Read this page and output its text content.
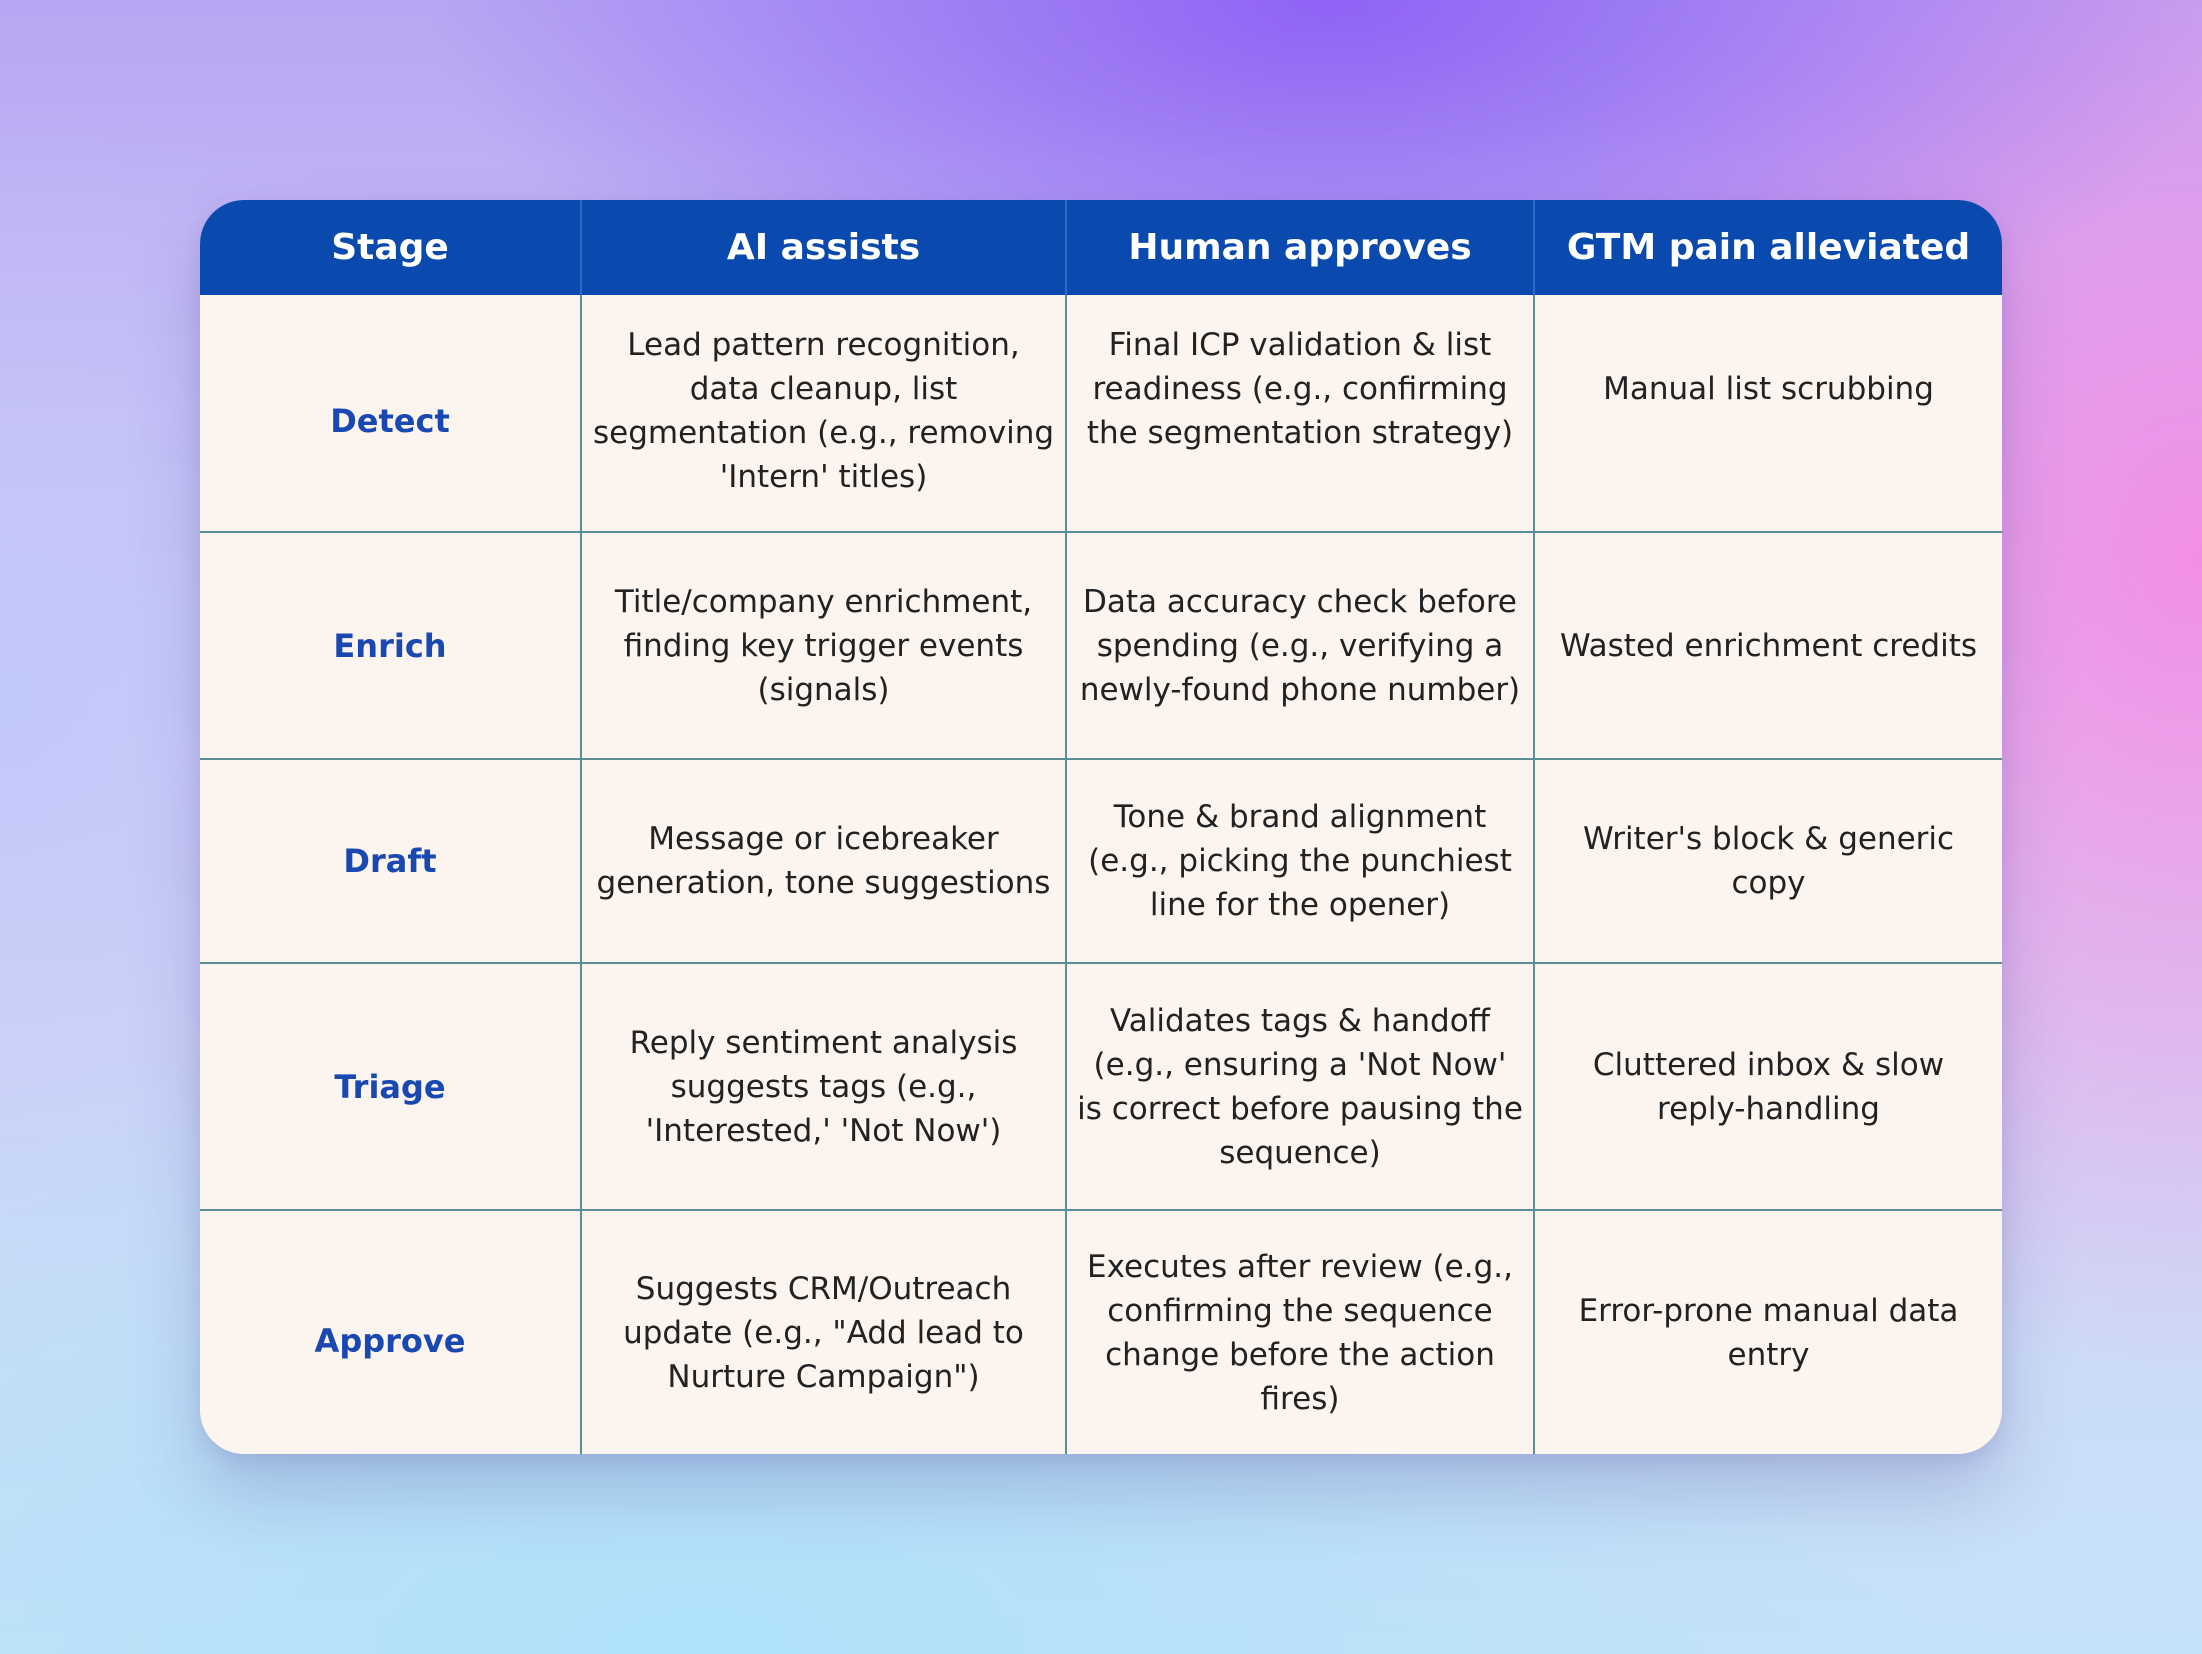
Stage	AI assists	Human approves	GTM pain alleviated
Detect	Lead pattern recognition, data cleanup, list segmentation (e.g., removing 'Intern' titles)	Final ICP validation & list readiness (e.g., confirming the segmentation strategy)	Manual list scrubbing
Enrich	Title/company enrichment, finding key trigger events (signals)	Data accuracy check before spending (e.g., verifying a newly-found phone number)	Wasted enrichment credits
Draft	Message or icebreaker generation, tone suggestions	Tone & brand alignment (e.g., picking the punchiest line for the opener)	Writer's block & generic copy
Triage	Reply sentiment analysis suggests tags (e.g., 'Interested,' 'Not Now')	Validates tags & handoff (e.g., ensuring a 'Not Now' is correct before pausing the sequence)	Cluttered inbox & slow reply-handling
Approve	Suggests CRM/Outreach update (e.g., "Add lead to Nurture Campaign")	Executes after review (e.g., confirming the sequence change before the action fires)	Error-prone manual data entry
